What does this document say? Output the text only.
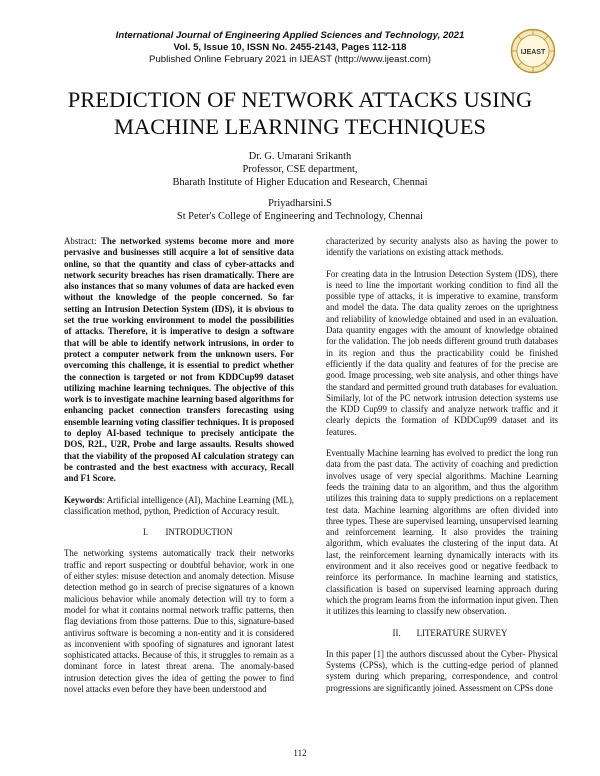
International Journal of Engineering Applied Sciences and Technology, 2021
Vol. 5, Issue 10, ISSN No. 2455-2143, Pages 112-118
Published Online February 2021 in IJEAST (http://www.ijeast.com)
IJEAST
PREDICTION OF NETWORK ATTACKS USING
MACHINE LEARNING TECHNIQUES
Dr. G. Umarani Srikanth
Professor, CSE department,
Bharath Institute of Higher Education and Research, Chennai
Priyadharsini.S
St Peter's College of Engineering and Technology, Chennai

Abstract: The networked systems become more and more pervasive and businesses still acquire a lot of sensitive data online, so that the quantity and class of cyber-attacks and network security breaches has risen dramatically. There are also instances that so many volumes of data are hacked even without the knowledge of the people concerned. So far setting an Intrusion Detection System (IDS), it is obvious to set the true working environment to model the possibilities of attacks. Therefore, it is imperative to design a software that will be able to identify network intrusions, in order to protect a computer network from the unknown users. For overcoming this challenge, it is essential to predict whether the connection is targeted or not from KDDCup99 dataset utilizing machine learning techniques. The objective of this work is to investigate machine learning based algorithms for enhancing packet connection transfers forecasting using ensemble learning voting classifier techniques. It is proposed to deploy AI-based technique to precisely anticipate the DOS, R2L, U2R, Probe and large assaults. Results showed that the viability of the proposed AI calculation strategy can be contrasted and the best exactness with accuracy, Recall and F1 Score.

Keywords: Artificial intelligence (AI), Machine Learning (ML), classification method, python, Prediction of Accuracy result.

I. INTRODUCTION

The networking systems automatically track their networks traffic and report suspecting or doubtful behavior, work in one of either styles: misuse detection and anomaly detection. Misuse detection method go in search of precise signatures of a known malicious behavior while anomaly detection will try to form a model for what it contains normal network traffic patterns, then flag deviations from those patterns. Due to this, signature-based antivirus software is becoming a non-entity and it is considered as inconvenient with spoofing of signatures and ignorant latest sophisticated attacks. Because of this, it struggles to remain as a dominant force in latest threat arena. The anomaly-based intrusion detection gives the idea of getting the power to find novel attacks even before they have been understood and

characterized by security analysts also as having the power to identify the variations on existing attack methods.

For creating data in the Intrusion Detection System (IDS), there is need to line the important working condition to find all the possible type of attacks, it is imperative to examine, transform and model the data. The data quality zeroes on the uprightness and reliability of knowledge obtained and used in an evaluation. Data quantity engages with the amount of knowledge obtained for the validation. The job needs different ground truth databases in its region and thus the practicability could be finished efficiently if the data quality and features of for the precise are good. Image processing, web site analysis, and other things have the standard and permitted ground truth databases for evaluation. Similarly, lot of the PC network intrusion detection systems use the KDD Cup99 to classify and analyze network traffic and it clearly depicts the formation of KDDCup99 dataset and its features.

Eventually Machine learning has evolved to predict the long run data from the past data. The activity of coaching and prediction involves usage of very special algorithms. Machine Learning feeds the training data to an algorithm, and thus the algorithm utilizes this training data to supply predictions on a replacement test data. Machine learning algorithms are often divided into three types. These are supervised learning, unsupervised learning and reinforcement learning. It also provides the training algorithm, which evaluates the clustering of the input data. At last, the reinforcement learning dynamically interacts with its environment and it also receives good or negative feedback to reinforce its performance. In machine learning and statistics, classification is based on supervised learning approach during which the program learns from the information input given. Then it utilizes this learning to classify new observation.

II. LITERATURE SURVEY

In this paper [1] the authors discussed about the Cyber- Physical Systems (CPSs), which is the cutting-edge period of planned system during which preparing, correspondence, and control progressions are significantly joined. Assessment on CPSs done

112
